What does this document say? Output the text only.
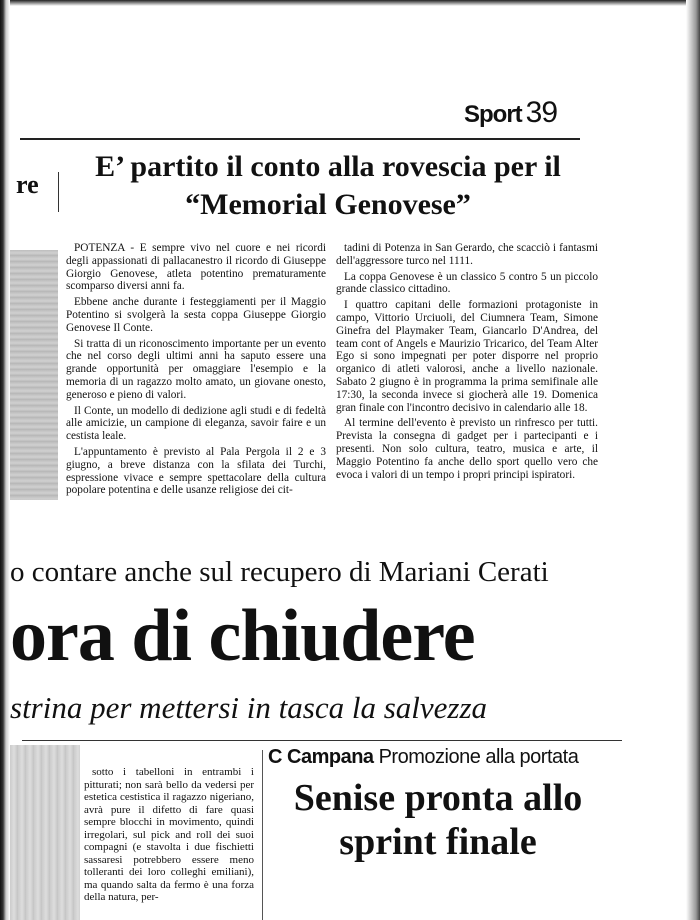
Sport 39
re
E’ partito il conto alla rovescia per il “Memorial Genovese”

POTENZA - E sempre vivo nel cuore e nei ricordi degli appassionati di pallacanestro il ricordo di Giuseppe Giorgio Genovese, atleta potentino prematuramente scomparso diversi anni fa.

Ebbene anche durante i festeggiamenti per il Maggio Potentino si svolgerà la sesta coppa Giuseppe Giorgio Genovese Il Conte.

Si tratta di un riconoscimento importante per un evento che nel corso degli ultimi anni ha saputo essere una grande opportunità per omaggiare l'esempio e la memoria di un ragazzo molto amato, un giovane onesto, generoso e pieno di valori.

Il Conte, un modello di dedizione agli studi e di fedeltà alle amicizie, un campione di eleganza, savoir faire e un cestista leale.

L'appuntamento è previsto al Pala Pergola il 2 e 3 giugno, a breve distanza con la sfilata dei Turchi, espressione vivace e sempre spettacolare della cultura popolare potentina e delle usanze religiose dei cit-

tadini di Potenza in San Gerardo, che scacciò i fantasmi dell'aggressore turco nel 1111.

La coppa Genovese è un classico 5 contro 5 un piccolo grande classico cittadino.

I quattro capitani delle formazioni protagoniste in campo, Vittorio Urciuoli, del Ciumnera Team, Simone Ginefra del Playmaker Team, Giancarlo D'Andrea, del team cont of Angels e Maurizio Tricarico, del Team Alter Ego si sono impegnati per poter disporre nel proprio organico di atleti valorosi, anche a livello nazionale. Sabato 2 giugno è in programma la prima semifinale alle 17:30, la seconda invece si giocherà alle 19. Domenica gran finale con l'incontro decisivo in calendario alle 18.

Al termine dell'evento è previsto un rinfresco per tutti. Prevista la consegna di gadget per i partecipanti e i presenti. Non solo cultura, teatro, musica e arte, il Maggio Potentino fa anche dello sport quello vero che evoca i valori di un tempo i propri principi ispiratori.

o contare anche sul recupero di Mariani Cerati
ora di chiudere
strina per mettersi in tasca la salvezza

sotto i tabelloni in entrambi i pitturati; non sarà bello da vedersi per estetica cestistica il ragazzo nigeriano, avrà pure il difetto di fare quasi sempre blocchi in movimento, quindi irregolari, sul pick and roll dei suoi compagni (e stavolta i due fischietti sassaresi potrebbero essere meno tolleranti dei loro colleghi emiliani), ma quando salta da fermo è una forza della natura, per-

C Campana Promozione alla portata
Senise pronta allo sprint finale
